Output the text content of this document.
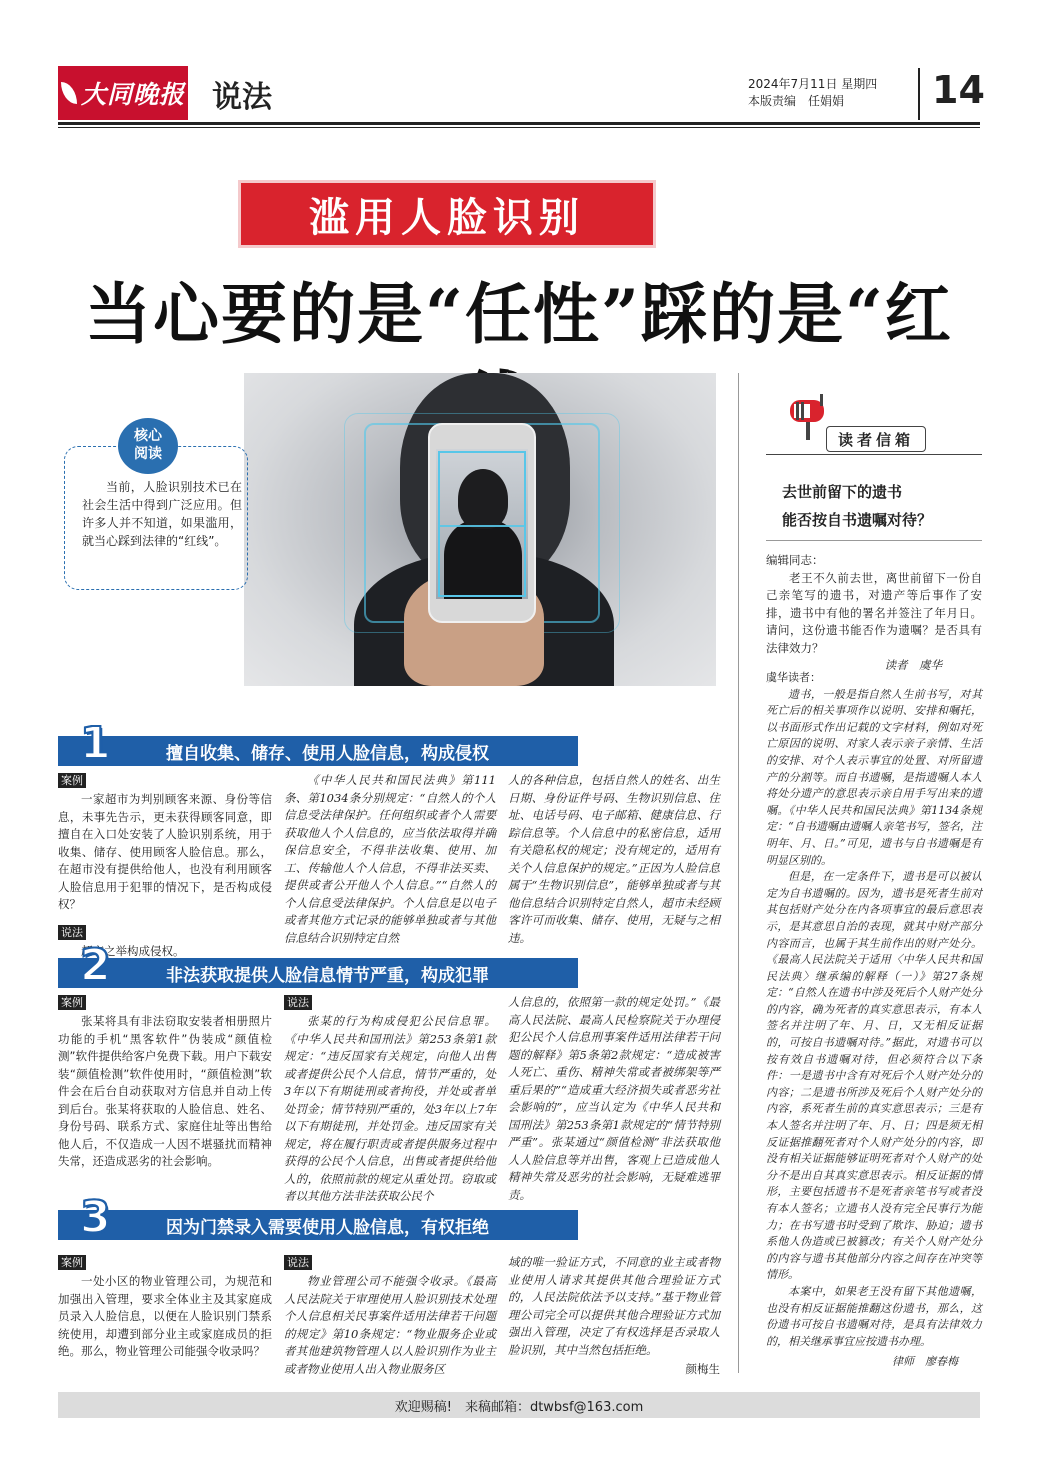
大同晚报 说法	2024年7月11日 星期四
本版责编　任娟娟	14
滥用人脸识别
当心要的是“任性”踩的是“红
核心
阅读
当前，人脸识别技术已在社会生活中得到广泛应用。但许多人并不知道，如果滥用，就当心踩到法律的“红线”。
擅自收集、储存、使用人脸信息，构成侵权
1
案例
一家超市为判别顾客来源、身份等信息，未事先告示，更未获得顾客同意，即擅自在入口处安装了人脸识别系统，用于收集、储存、使用顾客人脸信息。那么，在超市没有提供给他人，也没有利用顾客人脸信息用于犯罪的情况下，是否构成侵权？
说法
超市之举构成侵权。
《中华人民共和国民法典》第111条、第1034条分别规定：“自然人的个人信息受法律保护。任何组织或者个人需要获取他人个人信息的，应当依法取得并确保信息安全，不得非法收集、使用、加工、传输他人个人信息，不得非法买卖、提供或者公开他人个人信息。”“自然人的个人信息受法律保护。个人信息是以电子或者其他方式记录的能够单独或者与其他信息结合识别特定自然
人的各种信息，包括自然人的姓名、出生日期、身份证件号码、生物识别信息、住址、电话号码、电子邮箱、健康信息、行踪信息等。个人信息中的私密信息，适用有关隐私权的规定；没有规定的，适用有关个人信息保护的规定。”正因为人脸信息属于“生物识别信息”，能够单独或者与其他信息结合识别特定自然人，超市未经顾客许可而收集、储存、使用，无疑与之相违。
非法获取提供人脸信息情节严重，构成犯罪
2
案例
张某将具有非法窃取安装者相册照片功能的手机“黑客软件”伪装成“颜值检测”软件提供给客户免费下载。用户下载安装“颜值检测”软件使用时，“颜值检测”软件会在后台自动获取对方信息并自动上传到后台。张某将获取的人脸信息、姓名、身份号码、联系方式、家庭住址等出售给他人后，不仅造成一人因不堪骚扰而精神失常，还造成恶劣的社会影响。
说法
张某的行为构成侵犯公民信息罪。《中华人民共和国刑法》第253条第1款规定：“违反国家有关规定，向他人出售或者提供公民个人信息，情节严重的，处3年以下有期徒刑或者拘役，并处或者单处罚金；情节特别严重的，处3年以上7年以下有期徒刑，并处罚金。违反国家有关规定，将在履行职责或者提供服务过程中获得的公民个人信息，出售或者提供给他人的，依照前款的规定从重处罚。窃取或者以其他方法非法获取公民个
人信息的，依照第一款的规定处罚。”《最高人民法院、最高人民检察院关于办理侵犯公民个人信息刑事案件适用法律若干问题的解释》第5条第2款规定：“造成被害人死亡、重伤、精神失常或者被绑架等严重后果的”“造成重大经济损失或者恶劣社会影响的”，应当认定为《中华人民共和国刑法》第253条第1款规定的“情节特别严重”。张某通过“颜值检测”非法获取他人人脸信息等并出售，客观上已造成他人精神失常及恶劣的社会影响，无疑难逃罪责。
因为门禁录入需要使用人脸信息，有权拒绝
3
案例
一处小区的物业管理公司，为规范和加强出入管理，要求全体业主及其家庭成员录入人脸信息，以便在人脸识别门禁系统使用，却遭到部分业主或家庭成员的拒绝。那么，物业管理公司能强令收录吗？
说法
物业管理公司不能强令收录。《最高人民法院关于审理使用人脸识别技术处理个人信息相关民事案件适用法律若干问题的规定》第10条规定：“物业服务企业或者其他建筑物管理人以人脸识别作为业主或者物业使用人出入物业服务区
域的唯一验证方式，不同意的业主或者物业使用人请求其提供其他合理验证方式的，人民法院依法予以支持。”基于物业管理公司完全可以提供其他合理验证方式加强出入管理，决定了有权选择是否录取人脸识别，其中当然包括拒绝。
颜梅生
读者信箱
去世前留下的遗书
能否按自书遗嘱对待？
编辑同志：
老王不久前去世，离世前留下一份自己亲笔写的遗书，对遗产等后事作了安排，遗书中有他的署名并签注了年月日。请问，这份遗书能否作为遗嘱？是否具有法律效力？
读者　虞华
虞华读者：
遗书，一般是指自然人生前书写，对其死亡后的相关事项作以说明、安排和嘱托，以书面形式作出记载的文字材料，例如对死亡原因的说明、对家人表示亲子亲情、生活的安排、对个人表示事宜的处置、对所留遗产的分割等。而自书遗嘱，是指遗嘱人本人将处分遗产的意思表示亲自用手写出来的遗嘱。《中华人民共和国民法典》第1134条规定：“自书遗嘱由遗嘱人亲笔书写，签名，注明年、月、日。”可见，遗书与自书遗嘱是有明显区别的。
但是，在一定条件下，遗书是可以被认定为自书遗嘱的。因为，遗书是死者生前对其包括财产处分在内各项事宜的最后意思表示，是其意思自治的表现，就其中财产部分内容而言，也属于其生前作出的财产处分。《最高人民法院关于适用〈中华人民共和国民法典〉继承编的解释（一）》第27条规定：“自然人在遗书中涉及死后个人财产处分的内容，确为死者的真实意思表示，有本人签名并注明了年、月、日，又无相反证据的，可按自书遗嘱对待。”据此，对遗书可以按有效自书遗嘱对待，但必须符合以下条件：一是遗书中含有对死后个人财产处分的内容；二是遗书所涉及死后个人财产处分的内容，系死者生前的真实意思表示；三是有本人签名并注明了年、月、日；四是须无相反证据推翻死者对个人财产处分的内容，即没有相关证据能够证明死者对个人财产的处分不是出自其真实意思表示。相反证据的情形，主要包括遗书不是死者亲笔书写或者没有本人签名；立遗书人没有完全民事行为能力；在书写遗书时受到了欺诈、胁迫；遗书系他人伪造或已被篡改；有关个人财产处分的内容与遗书其他部分内容之间存在冲突等情形。
本案中，如果老王没有留下其他遗嘱，也没有相反证据能推翻这份遗书，那么，这份遗书可按自书遗嘱对待，是具有法律效力的，相关继承事宜应按遗书办理。
律师　廖春梅
欢迎赐稿!　来稿邮箱：dtwbsf@163.com
